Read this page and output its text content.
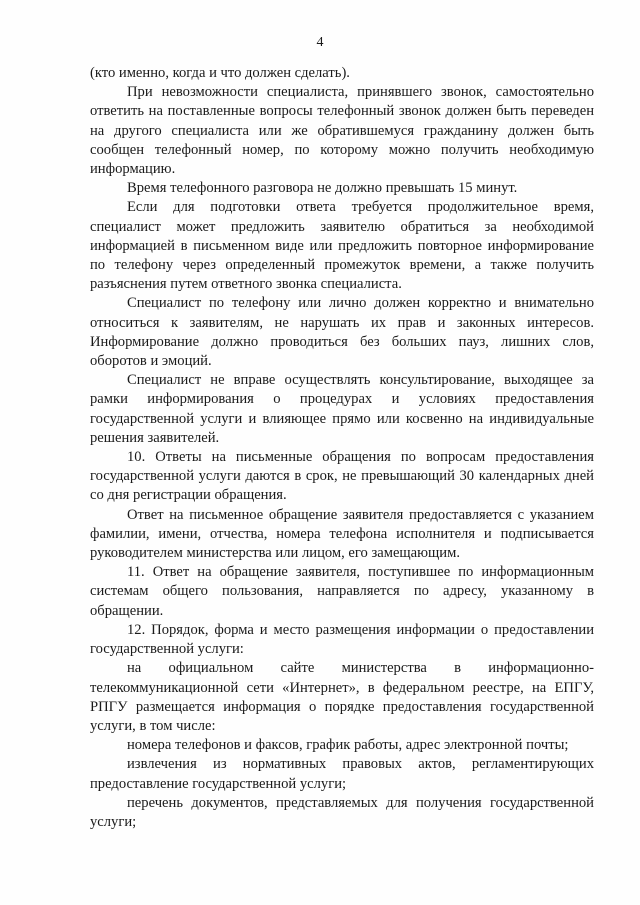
4

(кто именно, когда и что должен сделать).

При невозможности специалиста, принявшего звонок, самостоятельно ответить на поставленные вопросы телефонный звонок должен быть переведен на другого специалиста или же обратившемуся гражданину должен быть сообщен телефонный номер, по которому можно получить необходимую информацию.

Время телефонного разговора не должно превышать 15 минут.

Если для подготовки ответа требуется продолжительное время, специалист может предложить заявителю обратиться за необходимой информацией в письменном виде или предложить повторное информирование по телефону через определенный промежуток времени, а также получить разъяснения путем ответного звонка специалиста.

Специалист по телефону или лично должен корректно и внимательно относиться к заявителям, не нарушать их прав и законных интересов. Информирование должно проводиться без больших пауз, лишних слов, оборотов и эмоций.

Специалист не вправе осуществлять консультирование, выходящее за рамки информирования о процедурах и условиях предоставления государственной услуги и влияющее прямо или косвенно на индивидуальные решения заявителей.

10. Ответы на письменные обращения по вопросам предоставления государственной услуги даются в срок, не превышающий 30 календарных дней со дня регистрации обращения.

Ответ на письменное обращение заявителя предоставляется с указанием фамилии, имени, отчества, номера телефона исполнителя и подписывается руководителем министерства или лицом, его замещающим.

11. Ответ на обращение заявителя, поступившее по информационным системам общего пользования, направляется по адресу, указанному в обращении.

12. Порядок, форма и место размещения информации о предоставлении государственной услуги:

на официальном сайте министерства в информационно-телекоммуникационной сети «Интернет», в федеральном реестре, на ЕПГУ, РПГУ размещается информация о порядке предоставления государственной услуги, в том числе:

номера телефонов и факсов, график работы, адрес электронной почты;

извлечения из нормативных правовых актов, регламентирующих предоставление государственной услуги;

перечень документов, представляемых для получения государственной услуги;
